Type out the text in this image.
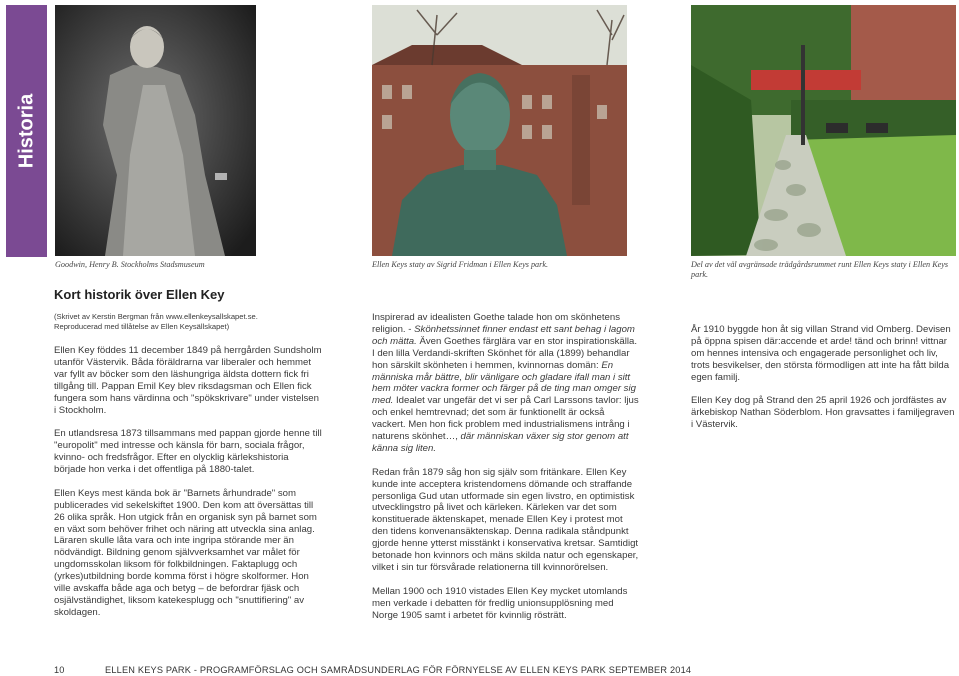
Historia
Goodwin, Henry B. Stockholms Stadsmuseum	Ellen Keys staty av Sigrid Fridman i Ellen Keys park.	Del av det väl avgränsade trädgårdsrummet runt Ellen Keys staty i Ellen Keys park.
Kort historik över Ellen Key

(Skrivet av Kerstin Bergman från www.ellenkeysallskapet.se.
Reproducerad med tillåtelse av Ellen Keysällskapet)

Ellen Key föddes 11 december 1849 på herrgården Sundsholm utanför Västervik. Båda föräldrarna var liberaler och hemmet var fyllt av böcker som den läshungriga äldsta dottern fick fri tillgång till. Pappan Emil Key blev riksdagsman och Ellen fick fungera som hans värdinna och "spökskrivare" under vistelsen i Stockholm.

En utlandsresa 1873 tillsammans med pappan gjorde henne till "europolit" med intresse och känsla för barn, sociala frågor, kvinno- och fredsfrågor. Efter en olycklig kärlekshistoria började hon verka i det offentliga på 1880-talet.

Ellen Keys mest kända bok är "Barnets århundrade" som publicerades vid sekelskiftet 1900. Den kom att översättas till 26 olika språk. Hon utgick från en organisk syn på barnet som en växt som behöver frihet och näring att utveckla sina anlag. Läraren skulle låta vara och inte ingripa störande mer än nödvändigt. Bildning genom självverksamhet var målet för ungdomsskolan liksom för folkbildningen. Faktaplugg och (yrkes)utbildning borde komma först i högre skolformer. Hon ville avskaffa både aga och betyg – de befordrar fjäsk och osjälvständighet, liksom katekesplugg och "snuttifiering" av skoldagen.

Inspirerad av idealisten Goethe talade hon om skönhetens religion. - Skönhetssinnet finner endast ett sant behag i lagom och mätta. Även Goethes färglära var en stor inspirationskälla. I den lilla Verdandi-skriften Skönhet för alla (1899) behandlar hon särskilt skönheten i hemmen, kvinnornas domän: En människa mår bättre, blir vänligare och gladare ifall man i sitt hem möter vackra former och färger på de ting man omger sig med. Idealet var ungefär det vi ser på Carl Larssons tavlor: ljus och enkel hemtrevnad; det som är funktionellt är också vackert. Men hon fick problem med industrialismens intrång i naturens skönhet…, där människan växer sig stor genom att känna sig liten.

Redan från 1879 såg hon sig själv som fritänkare. Ellen Key kunde inte acceptera kristendomens dömande och straffande personliga Gud utan utformade sin egen livstro, en optimistisk utvecklingstro på livet och kärleken. Kärleken var det som konstituerade äktenskapet, menade Ellen Key i protest mot den tidens konvenansäktenskap. Denna radikala ståndpunkt gjorde henne ytterst misstänkt i konservativa kretsar. Samtidigt betonade hon kvinnors och mäns skilda natur och egenskaper, vilket i sin tur försvårade relationerna till kvinnorörelsen.

Mellan 1900 och 1910 vistades Ellen Key mycket utomlands men verkade i debatten för fredlig unionsupplösning med Norge 1905 samt i arbetet för kvinnlig rösträtt.

År 1910 byggde hon åt sig villan Strand vid Omberg. Devisen på öppna spisen där:accende et arde! tänd och brinn! vittnar om hennes intensiva och engagerade personlighet och liv, trots besvikelser, den största förmodligen att inte ha fått bilda egen familj.

Ellen Key dog på Strand den 25 april 1926 och jordfästes av ärkebiskop Nathan Söderblom. Hon gravsattes i familjegraven i Västervik.

10	ELLEN KEYS PARK - PROGRAMFÖRSLAG OCH SAMRÅDSUNDERLAG FÖR FÖRNYELSE AV ELLEN KEYS PARK SEPTEMBER 2014
